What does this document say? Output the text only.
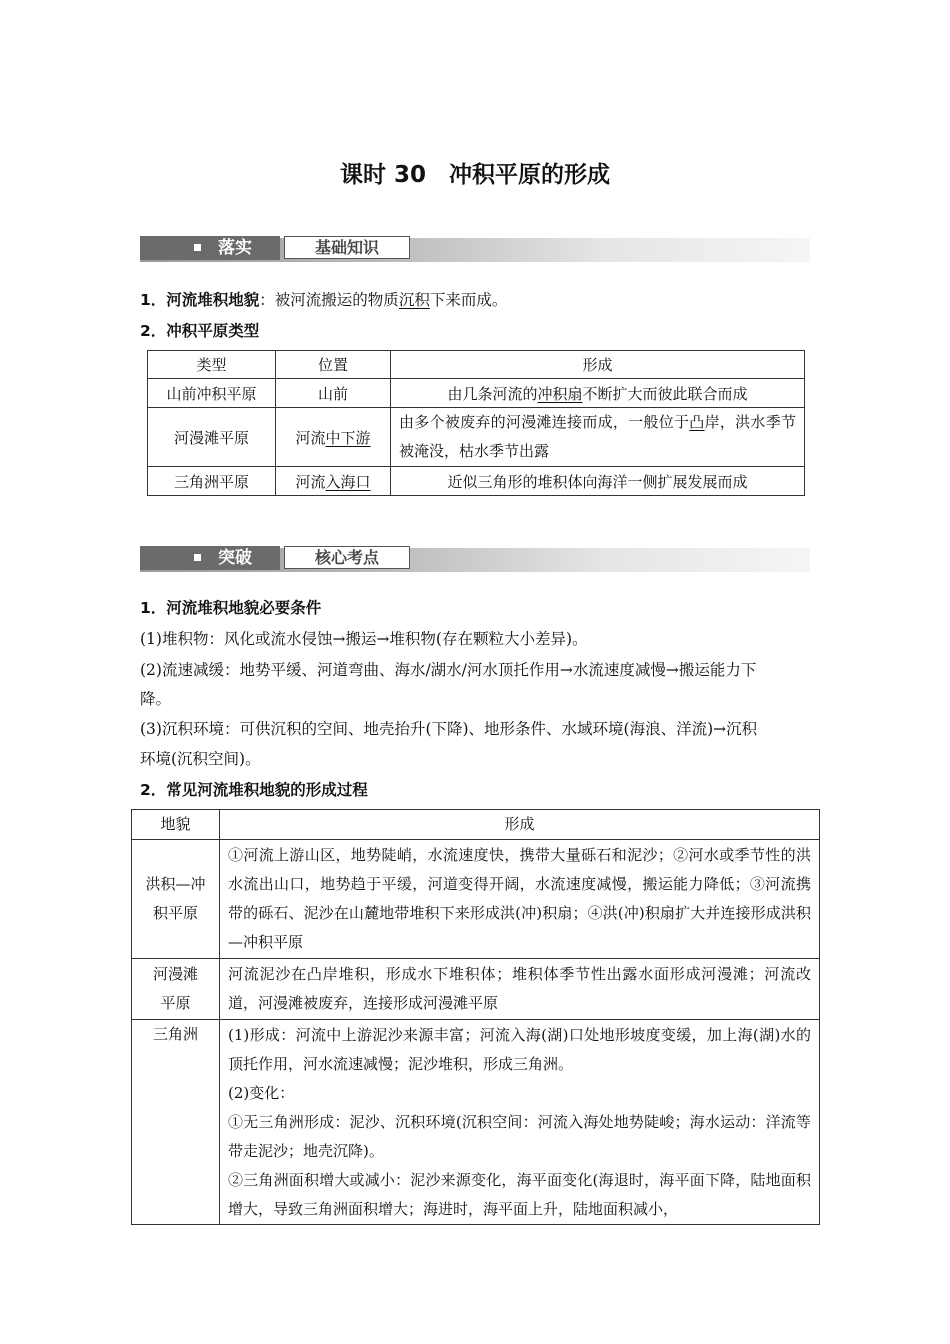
课时 30　冲积平原的形成
落实	基础知识
1．河流堆积地貌：被河流搬运的物质沉积下来而成。
2．冲积平原类型
类型	位置	形成
山前冲积平原	山前	由几条河流的冲积扇不断扩大而彼此联合而成
河漫滩平原	河流中下游	由多个被废弃的河漫滩连接而成，一般位于凸岸，洪水季节被淹没，枯水季节出露
三角洲平原	河流入海口	近似三角形的堆积体向海洋一侧扩展发展而成
突破	核心考点
1．河流堆积地貌必要条件
(1)堆积物：风化或流水侵蚀→搬运→堆积物(存在颗粒大小差异)。
(2)流速减缓：地势平缓、河道弯曲、海水/湖水/河水顶托作用→水流速度减慢→搬运能力下
降。
(3)沉积环境：可供沉积的空间、地壳抬升(下降)、地形条件、水域环境(海浪、洋流)→沉积
环境(沉积空间)。
2．常见河流堆积地貌的形成过程
地貌	形成

洪积—冲
积平原	①河流上游山区，地势陡峭，水流速度快，携带大量砾石和泥沙；②河水或季节性的洪水流出山口，地势趋于平缓，河道变得开阔，水流速度减慢，搬运能力降低；③河流携带的砾石、泥沙在山麓地带堆积下来形成洪(冲)积扇；④洪(冲)积扇扩大并连接形成洪积—冲积平原

河漫滩
平原	河流泥沙在凸岸堆积，形成水下堆积体；堆积体季节性出露水面形成河漫滩；河流改道，河漫滩被废弃，连接形成河漫滩平原
三角洲	(1)形成：河流中上游泥沙来源丰富；河流入海(湖)口处地形坡度变缓，加上海(湖)水的顶托作用，河水流速减慢；泥沙堆积，形成三角洲。
(2)变化：
①无三角洲形成：泥沙、沉积环境(沉积空间：河流入海处地势陡峻；海水运动：洋流等带走泥沙；地壳沉降)。
②三角洲面积增大或减小：泥沙来源变化，海平面变化(海退时，海平面下降，陆地面积增大，导致三角洲面积增大；海进时，海平面上升，陆地面积减小，
